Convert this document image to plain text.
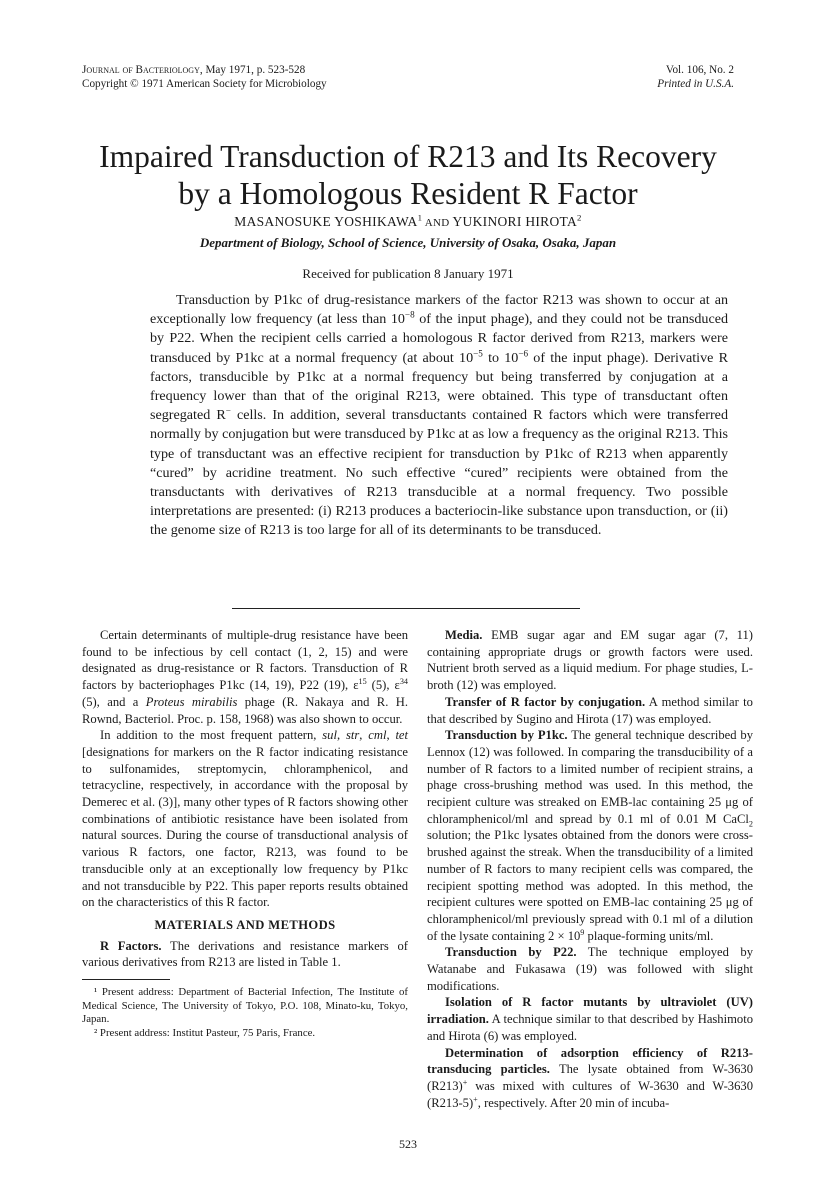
Journal of Bacteriology, May 1971, p. 523-528
Copyright © 1971 American Society for Microbiology
Vol. 106, No. 2
Printed in U.S.A.
Impaired Transduction of R213 and Its Recovery
by a Homologous Resident R Factor
MASANOSUKE YOSHIKAWA$^1$ AND YUKINORI HIROTA$^2$
Department of Biology, School of Science, University of Osaka, Osaka, Japan
Received for publication 8 January 1971

Transduction by P1kc of drug-resistance markers of the factor R213 was shown to occur at an exceptionally low frequency (at less than $10^{-8}$ of the input phage), and they could not be transduced by P22. When the recipient cells carried a homologous R factor derived from R213, markers were transduced by P1kc at a normal frequency (at about $10^{-5}$ to $10^{-6}$ of the input phage). Derivative R factors, transducible by P1kc at a normal frequency but being transferred by conjugation at a frequency lower than that of the original R213, were obtained. This type of transductant often segregated R− cells. In addition, several transductants contained R factors which were transferred normally by conjugation but were transduced by P1kc at as low a frequency as the original R213. This type of transductant was an effective recipient for transduction by P1kc of R213 when apparently “cured” by acridine treatment. No such effective “cured” recipients were obtained from the transductants with derivatives of R213 transducible at a normal frequency. Two possible interpretations are presented: (i) R213 produces a bacteriocin-like substance upon transduction, or (ii) the genome size of R213 is too large for all of its determinants to be transduced.

Certain determinants of multiple-drug resistance have been found to be infectious by cell contact (1, 2, 15) and were designated as drug-resistance or R factors. Transduction of R factors by bacteriophages P1kc (14, 19), P22 (19), $\varepsilon^{15}$ (5), $\varepsilon^{34}$ (5), and a Proteus mirabilis phage (R. Nakaya and R. H. Rownd, Bacteriol. Proc. p. 158, 1968) was also shown to occur.

In addition to the most frequent pattern, sul, str, cml, tet [designations for markers on the R factor indicating resistance to sulfonamides, streptomycin, chloramphenicol, and tetracycline, respectively, in accordance with the proposal by Demerec et al. (3)], many other types of R factors showing other combinations of antibiotic resistance have been isolated from natural sources. During the course of transductional analysis of various R factors, one factor, R213, was found to be transducible only at an exceptionally low frequency by P1kc and not transducible by P22. This paper reports results obtained on the characteristics of this R factor.

MATERIALS AND METHODS

R Factors. The derivations and resistance markers of various derivatives from R213 are listed in Table 1.

¹ Present address: Department of Bacterial Infection, The Institute of Medical Science, The University of Tokyo, P.O. 108, Minato-ku, Tokyo, Japan.

² Present address: Institut Pasteur, 75 Paris, France.

Media. EMB sugar agar and EM sugar agar (7, 11) containing appropriate drugs or growth factors were used. Nutrient broth served as a liquid medium. For phage studies, L-broth (12) was employed.

Transfer of R factor by conjugation. A method similar to that described by Sugino and Hirota (17) was employed.

Transduction by P1kc. The general technique described by Lennox (12) was followed. In comparing the transducibility of a number of R factors to a limited number of recipient strains, a phage cross-brushing method was used. In this method, the recipient culture was streaked on EMB-lac containing 25 μg of chloramphenicol/ml and spread by 0.1 ml of 0.01 M CaCl$_2$ solution; the P1kc lysates obtained from the donors were cross-brushed against the streak. When the transducibility of a limited number of R factors to many recipient cells was compared, the recipient spotting method was adopted. In this method, the recipient cultures were spotted on EMB-lac containing 25 μg of chloramphenicol/ml previously spread with 0.1 ml of a dilution of the lysate containing $2 \times 10^9$ plaque-forming units/ml.

Transduction by P22. The technique employed by Watanabe and Fukasawa (19) was followed with slight modifications.

Isolation of R factor mutants by ultraviolet (UV) irradiation. A technique similar to that described by Hashimoto and Hirota (6) was employed.

Determination of adsorption efficiency of R213-transducing particles. The lysate obtained from W-3630 (R213)+ was mixed with cultures of W-3630 and W-3630 (R213-5)+, respectively. After 20 min of incuba-

523
